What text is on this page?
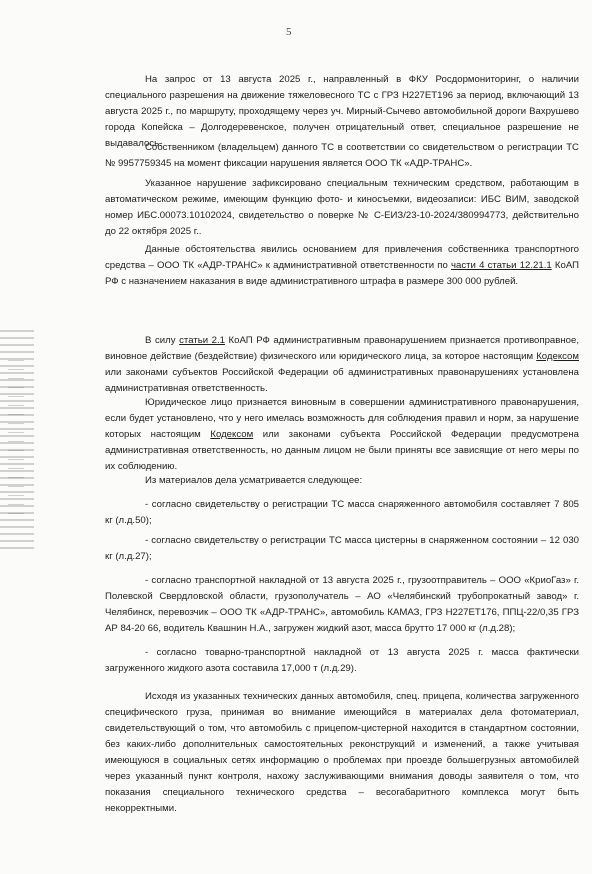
5

На запрос от 13 августа 2025 г., направленный в ФКУ Росдормониторинг, о наличии специального разрешения на движение тяжеловесного ТС с ГРЗ Н227ЕТ196 за период, включающий 13 августа 2025 г., по маршруту, проходящему через уч. Мирный-Сычево автомобильной дороги Вахрушево города Копейска – Долгодеревенское, получен отрицательный ответ, специальное разрешение не выдавалось.

Собственником (владельцем) данного ТС в соответствии со свидетельством о регистрации ТС № 9957759345 на момент фиксации нарушения является ООО ТК «АДР-ТРАНС».

Указанное нарушение зафиксировано специальным техническим средством, работающим в автоматическом режиме, имеющим функцию фото- и киносъемки, видеозаписи: ИБС ВИМ, заводской номер ИБС.00073.10102024, свидетельство о поверке № С-ЕИЗ/23-10-2024/380994773, действительно до 22 октября 2025 г..

Данные обстоятельства явились основанием для привлечения собственника транспортного средства – ООО ТК «АДР-ТРАНС» к административной ответственности по части 4 статьи 12.21.1 КоАП РФ с назначением наказания в виде административного штрафа в размере 300 000 рублей.

В силу статьи 2.1 КоАП РФ административным правонарушением признается противоправное, виновное действие (бездействие) физического или юридического лица, за которое настоящим Кодексом или законами субъектов Российской Федерации об административных правонарушениях установлена административная ответственность.

Юридическое лицо признается виновным в совершении административного правонарушения, если будет установлено, что у него имелась возможность для соблюдения правил и норм, за нарушение которых настоящим Кодексом или законами субъекта Российской Федерации предусмотрена административная ответственность, но данным лицом не были приняты все зависящие от него меры по их соблюдению.

Из материалов дела усматривается следующее:

- согласно свидетельству о регистрации ТС масса снаряженного автомобиля составляет 7 805 кг (л.д.50);

- согласно свидетельству о регистрации ТС масса цистерны в снаряженном состоянии – 12 030 кг (л.д.27);

- согласно транспортной накладной от 13 августа 2025 г., грузоотправитель – ООО «КриоГаз» г. Полевской Свердловской области, грузополучатель – АО «Челябинский трубопрокатный завод» г. Челябинск, перевозчик – ООО ТК «АДР-ТРАНС», автомобиль КАМАЗ, ГРЗ Н227ЕТ176, ППЦ-22/0,35 ГРЗ АР 84-20 66, водитель Квашнин Н.А., загружен жидкий азот, масса брутто 17 000 кг (л.д.28);

- согласно товарно-транспортной накладной от 13 августа 2025 г. масса фактически загруженного жидкого азота составила 17,000 т (л.д.29).

Исходя из указанных технических данных автомобиля, спец. прицепа, количества загруженного специфического груза, принимая во внимание имеющийся в материалах дела фотоматериал, свидетельствующий о том, что автомобиль с прицепом-цистерной находится в стандартном состоянии, без каких-либо дополнительных самостоятельных реконструкций и изменений, а также учитывая имеющуюся в социальных сетях информацию о проблемах при проезде большегрузных автомобилей через указанный пункт контроля, нахожу заслуживающими внимания доводы заявителя о том, что показания специального технического средства – весогабаритного комплекса могут быть некорректными.
